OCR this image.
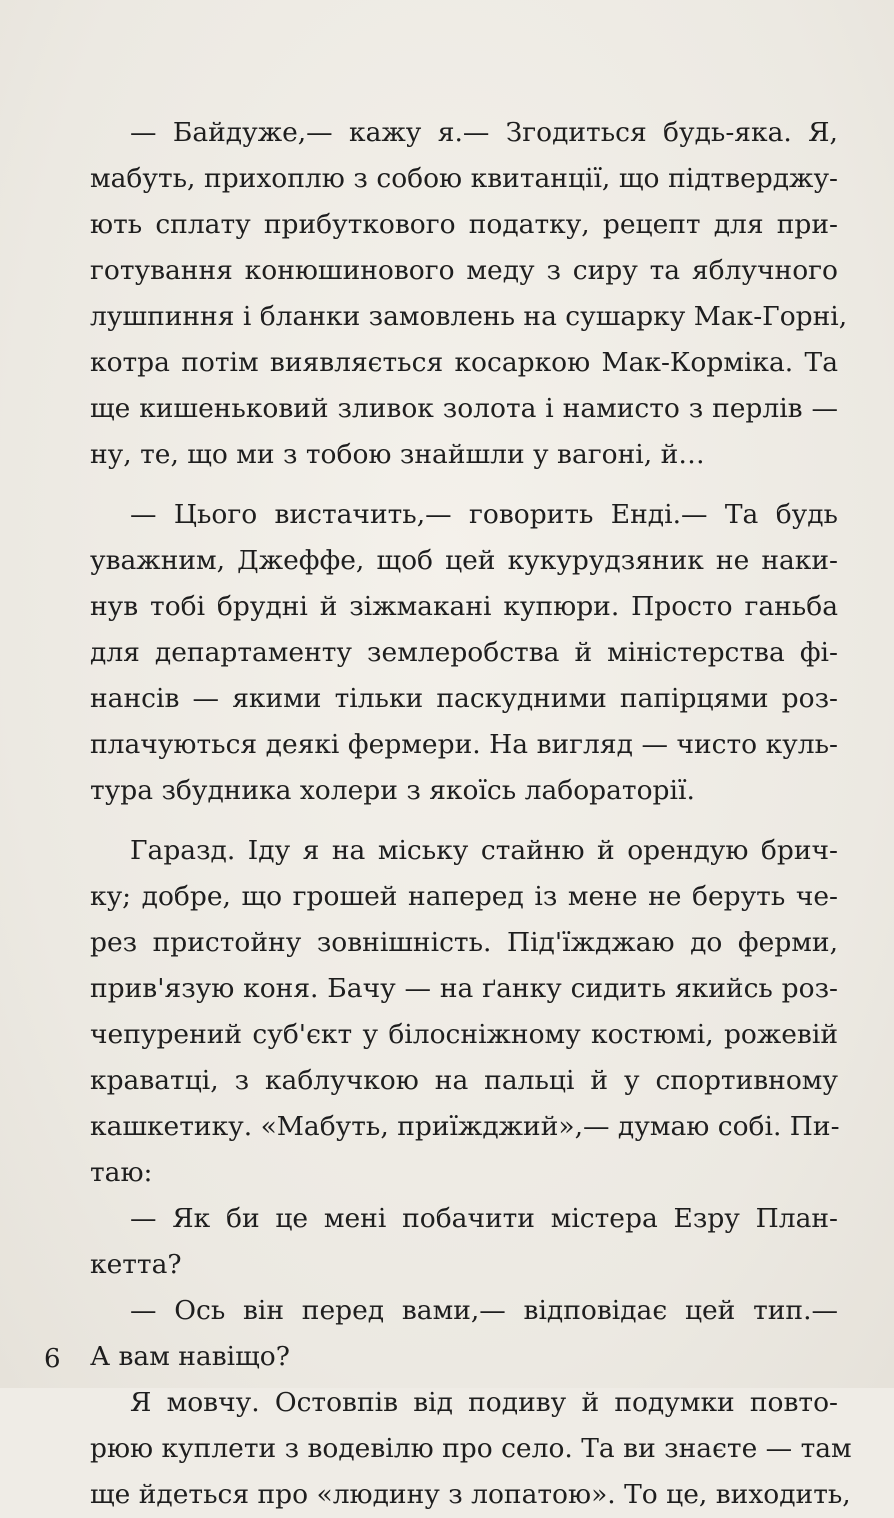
— Байдуже,— кажу я.— Згодиться будь-яка. Я,
мабуть, прихоплю з собою квитанції, що підтверджу-
ють сплату прибуткового податку, рецепт для при-
готування конюшинового меду з сиру та яблучного
лушпиння і бланки замовлень на сушарку Мак-Горні,
котра потім виявляється косаркою Мак-Корміка. Та
ще кишеньковий зливок золота і намисто з перлів —
ну, те, що ми з тобою знайшли у вагоні, й…
— Цього вистачить,— говорить Енді.— Та будь
уважним, Джеффе, щоб цей кукурудзяник не наки-
нув тобі брудні й зіжмакані купюри. Просто ганьба
для департаменту землеробства й міністерства фі-
нансів — якими тільки паскудними папірцями роз-
плачуються деякі фермери. На вигляд — чисто куль-
тура збудника холери з якоїсь лабораторії.
Гаразд. Іду я на міську стайню й орендую брич-
ку; добре, що грошей наперед із мене не беруть че-
рез пристойну зовнішність. Під'їжджаю до ферми,
прив'язую коня. Бачу — на ґанку сидить якийсь роз-
чепурений суб'єкт у білосніжному костюмі, рожевій
краватці, з каблучкою на пальці й у спортивному
кашкетику. «Мабуть, приїжджий»,— думаю собі. Пи-
таю:
— Як би це мені побачити містера Езру План-
кетта?
— Ось він перед вами,— відповідає цей тип.—
А вам навіщо?
Я мовчу. Остовпів від подиву й подумки повто-
рюю куплети з водевілю про село. Та ви знаєте — там
ще йдеться про «людину з лопатою». То це, виходить,
6
